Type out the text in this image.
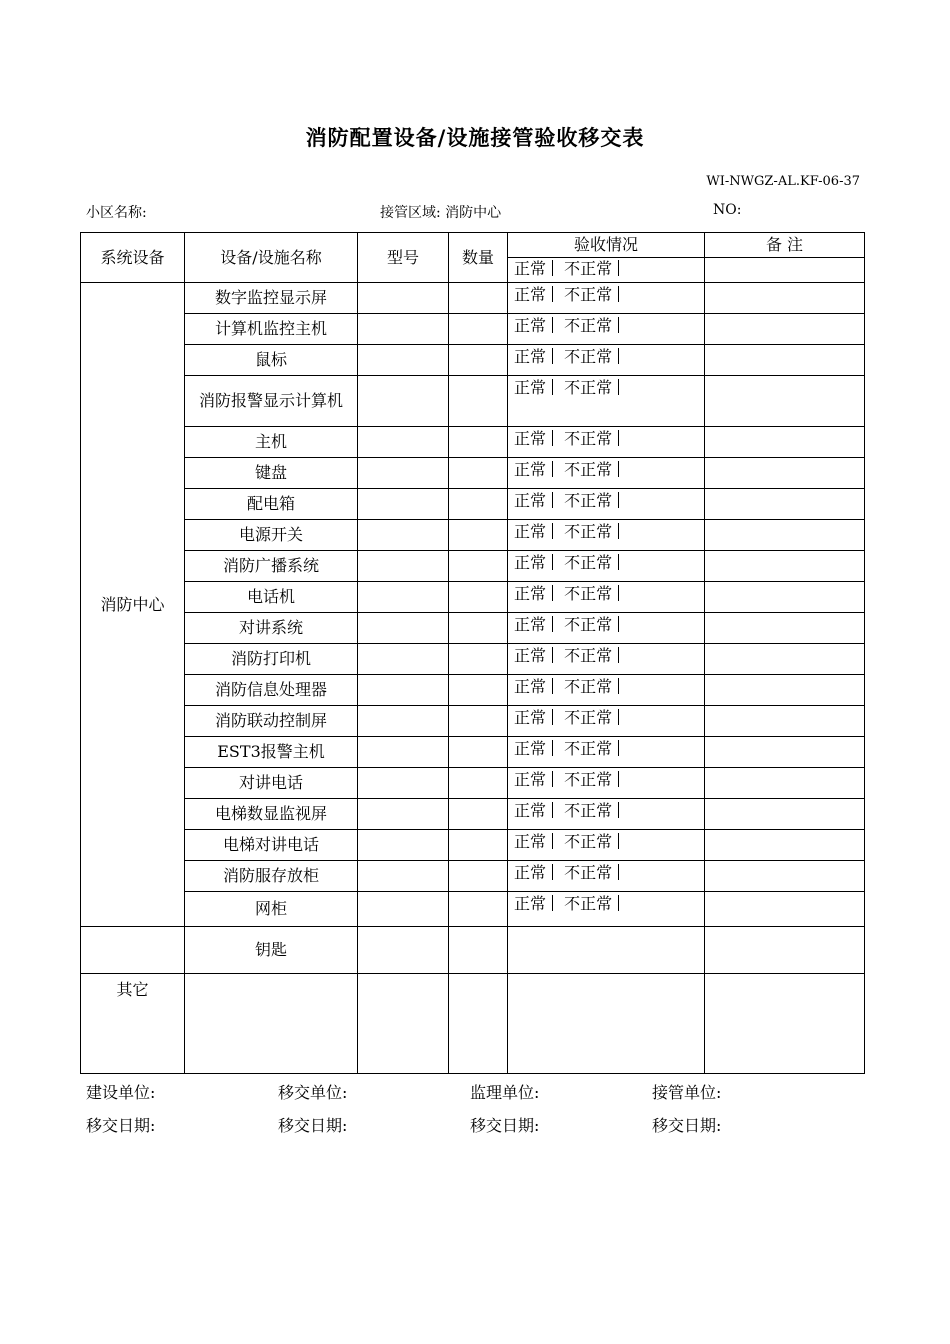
消防配置设备/设施接管验收移交表
WI-NWGZ-AL.KF-06-37
小区名称:	接管区域: 消防中心	NO:
系统设备	设备/设施名称	型号	数量	验收情况	备 注
				正常 不正常	
消防中心	数字监控显示屏			正常 不正常	
	计算机监控主机			正常 不正常	
	鼠标			正常 不正常	
	消防报警显示计算机			正常 不正常	
	主机			正常 不正常	
	键盘			正常 不正常	
	配电箱			正常 不正常	
	电源开关			正常 不正常	
	消防广播系统			正常 不正常	
	电话机			正常 不正常	
	对讲系统			正常 不正常	
	消防打印机			正常 不正常	
	消防信息处理器			正常 不正常	
	消防联动控制屏			正常 不正常	
	EST3报警主机			正常 不正常	
	对讲电话			正常 不正常	
	电梯数显监视屏			正常 不正常	
	电梯对讲电话			正常 不正常	
	消防服存放柜			正常 不正常	
	网柜			正常 不正常	
	钥匙				
其它					
建设单位:	移交单位:	监理单位:	接管单位:
移交日期:	移交日期:	移交日期:	移交日期:
